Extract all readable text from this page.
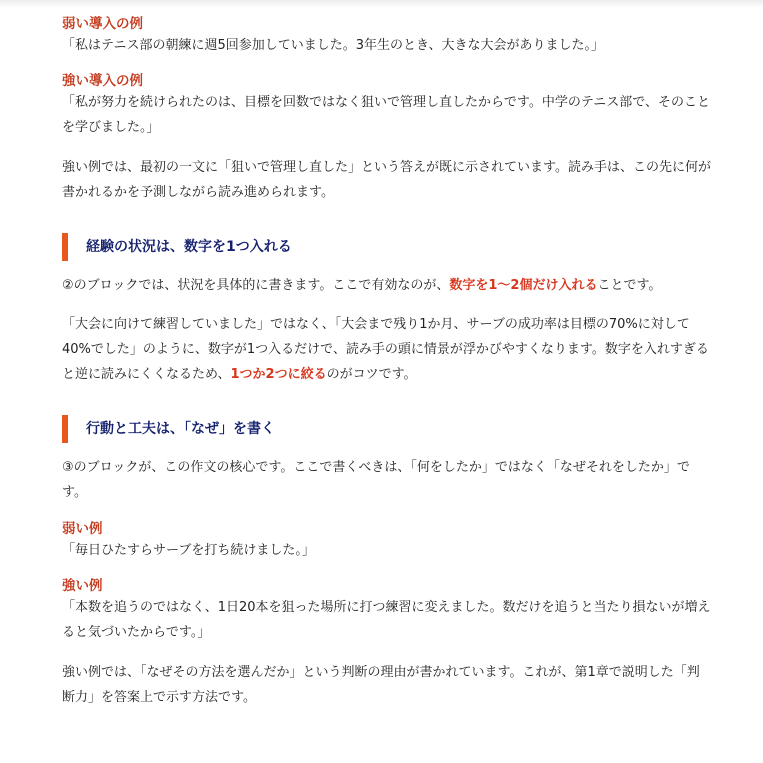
弱い導入の例
「私はテニス部の朝練に週5回参加していました。3年生のとき、大きな大会がありました。」
強い導入の例
「私が努力を続けられたのは、目標を回数ではなく狙いで管理し直したからです。中学のテニス部で、そのことを学びました。」
強い例では、最初の一文に「狙いで管理し直した」という答えが既に示されています。読み手は、この先に何が書かれるかを予測しながら読み進められます。
経験の状況は、数字を1つ入れる
②のブロックでは、状況を具体的に書きます。ここで有効なのが、数字を1〜2個だけ入れることです。
「大会に向けて練習していました」ではなく、「大会まで残り1か月、サーブの成功率は目標の70%に対して40%でした」のように、数字が1つ入るだけで、読み手の頭に情景が浮かびやすくなります。数字を入れすぎると逆に読みにくくなるため、1つか2つに絞るのがコツです。
行動と工夫は、「なぜ」を書く
③のブロックが、この作文の核心です。ここで書くべきは、「何をしたか」ではなく「なぜそれをしたか」です。
弱い例
「毎日ひたすらサーブを打ち続けました。」
強い例
「本数を追うのではなく、1日20本を狙った場所に打つ練習に変えました。数だけを追うと当たり損ないが増えると気づいたからです。」
強い例では、「なぜその方法を選んだか」という判断の理由が書かれています。これが、第1章で説明した「判断力」を答案上で示す方法です。
